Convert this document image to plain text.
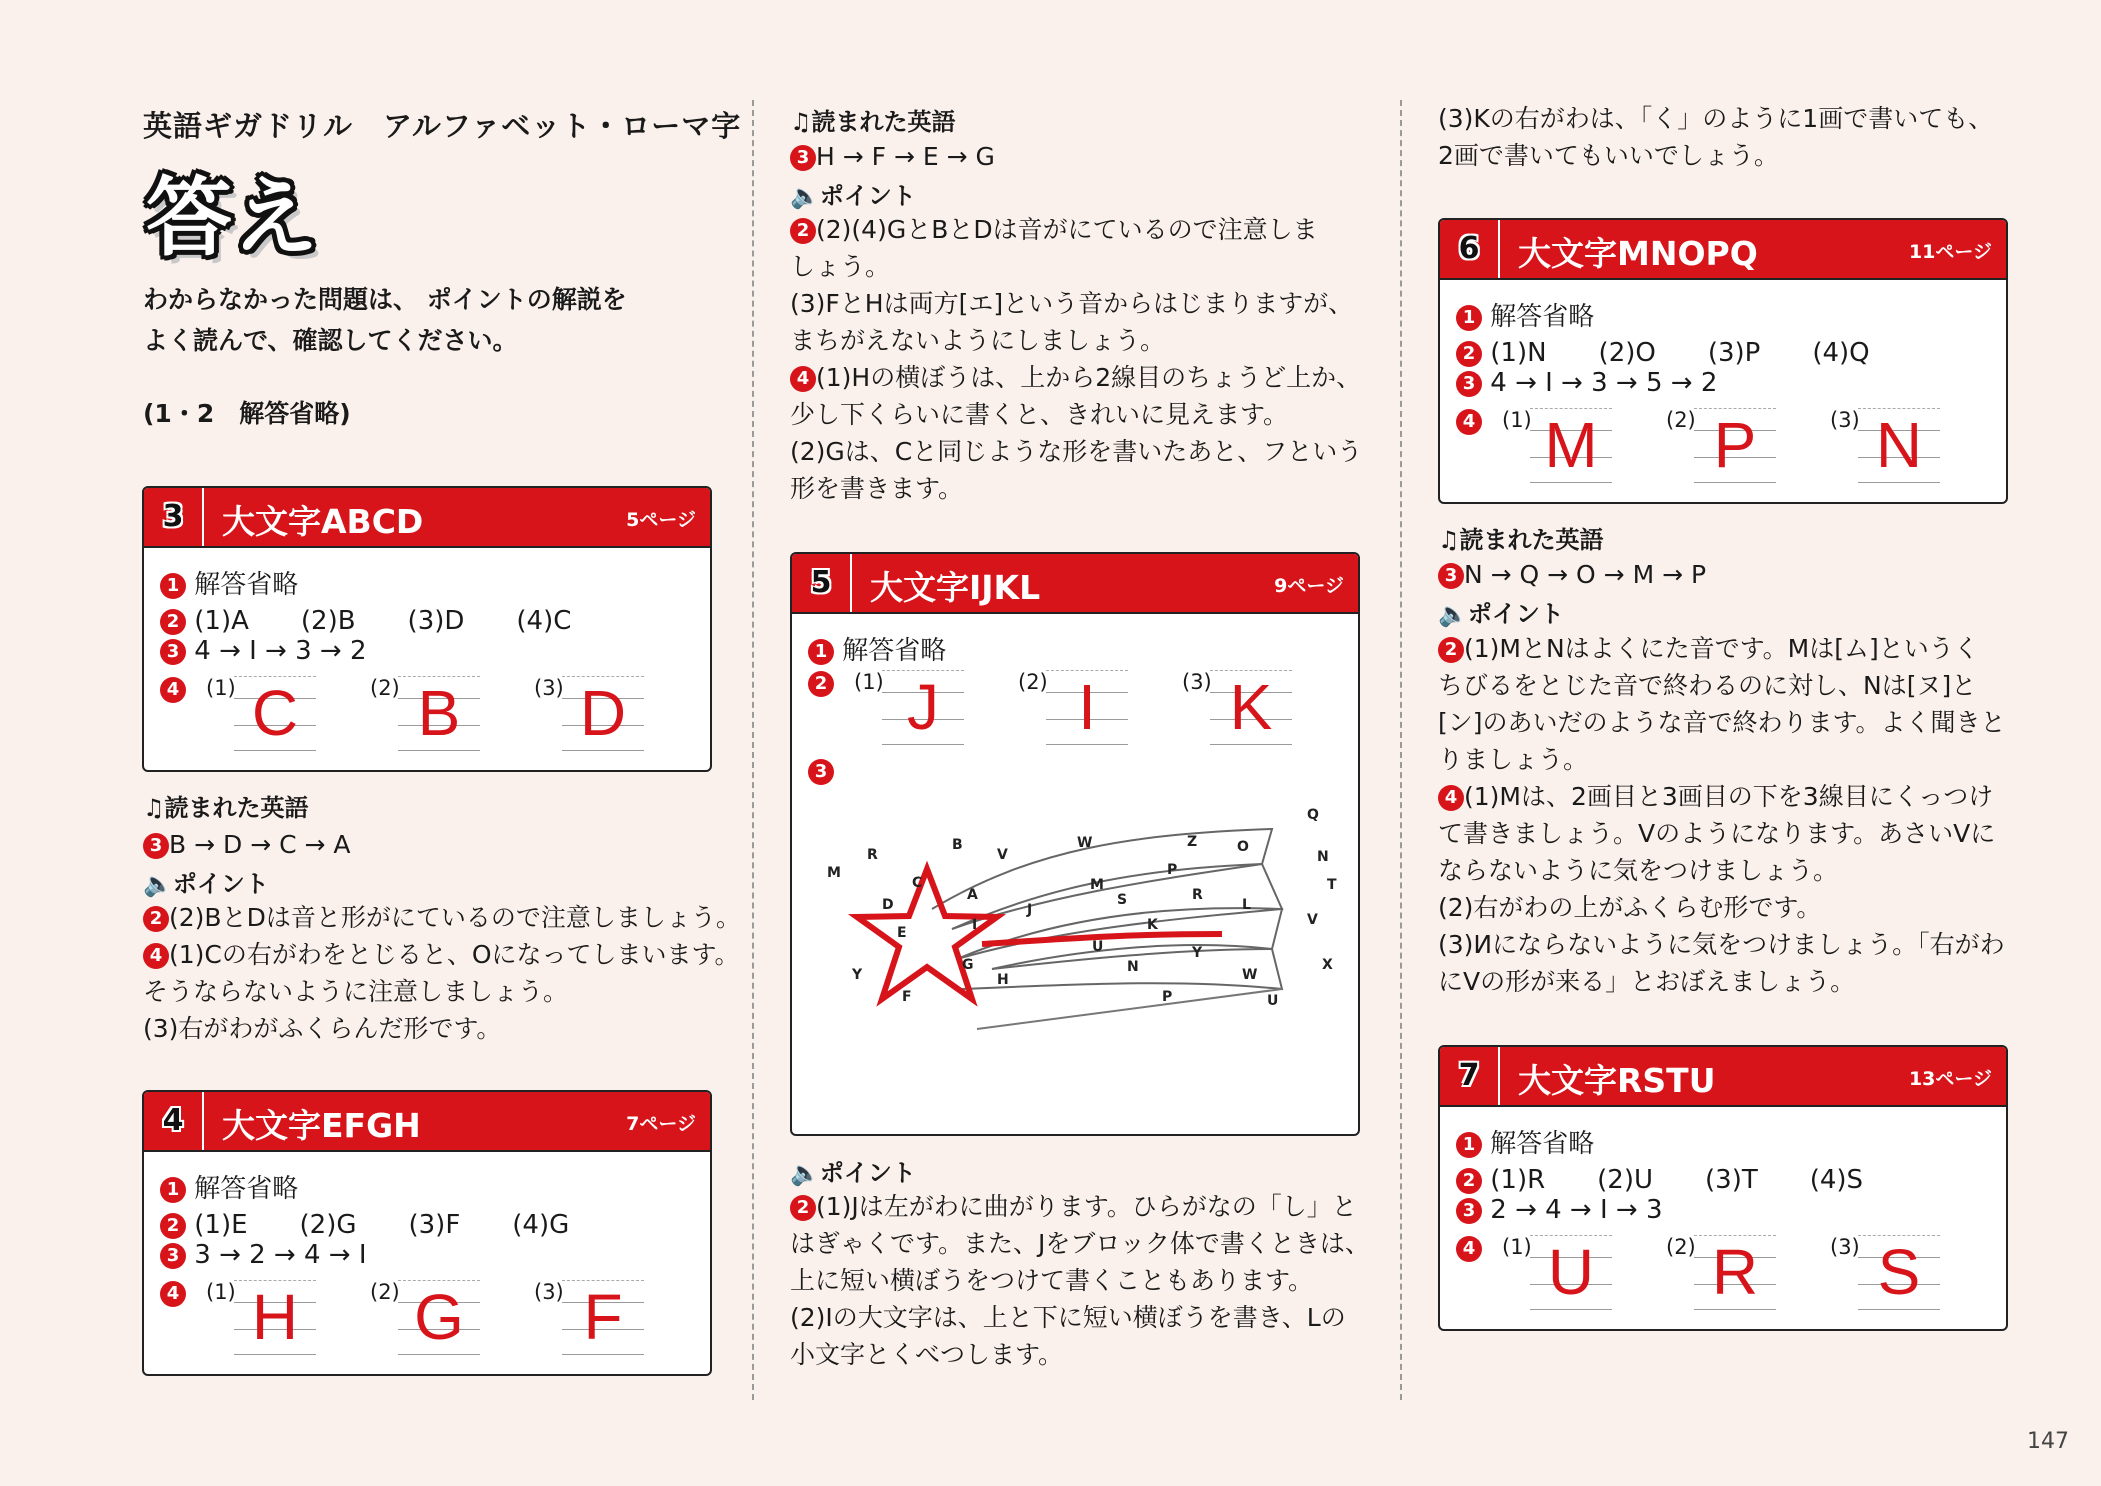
英語ギガドリル　アルファベット・ローマ字
答え
わからなかった問題は、 ポイントの解説を
よく読んで、確認してください。
(1・2　解答省略)
3	大文字ABCD	5ページ
1 解答省略
2 (1)A　　(2)B　　(3)D　　(4)C
3 4 → I → 3 → 2
4	(1) C	(2) B	(3) D
♫読まれた英語
3 B → D → C → A
🔈ポイント
2 (2)BとDは音と形がにているので注意しましょう。
4 (1)Cの右がわをとじると、Oになってしまいます。
そうならないように注意しましょう。
(3)右がわがふくらんだ形です。
4	大文字EFGH	7ページ
1 解答省略
2 (1)E　　(2)G　　(3)F　　(4)G
3 3 → 2 → 4 → I
4	(1) H	(2) G	(3) F
♫読まれた英語
3 H → F → E → G
🔈ポイント
2 (2)(4)GとBとDは音がにているので注意しま
しょう。
(3)FとHは両方[エ]という音からはじまりますが、
まちがえないようにしましょう。
4 (1)Hの横ぼうは、上から2線目のちょうど上か、
少し下くらいに書くと、きれいに見えます。
(2)Gは、Cと同じような形を書いたあと、フという
形を書きます。
5	大文字IJKL	9ページ
1 解答省略
2	(1) J	(2) I	(3) K
3
Q
B
V
W	Z	O
N
R
M	P
T
C
A
M
S	R
L
D	J
K	V
I
E
U	Y
X
G	N
Y	H	W
F	P	U
🔈ポイント
2 (1)Jは左がわに曲がります。ひらがなの「し」と
はぎゃくです。また、Jをブロック体で書くときは、
上に短い横ぼうをつけて書くこともあります。
(2)Iの大文字は、上と下に短い横ぼうを書き、Lの
小文字とくべつします。
(3)Kの右がわは、「く」のように1画で書いても、
2画で書いてもいいでしょう。
6	大文字MNOPQ	11ページ
1 解答省略
2 (1)N　　(2)O　　(3)P　　(4)Q
3 4 → I → 3 → 5 → 2
4	(1) M	(2) P	(3) N
♫読まれた英語
3 N → Q → O → M → P
🔈ポイント
2 (1)MとNはよくにた音です。Mは[ム]というく
ちびるをとじた音で終わるのに対し、Nは[ヌ]と
[ン]のあいだのような音で終わります。よく聞きと
りましょう。
4 (1)Mは、2画目と3画目の下を3線目にくっつけ
て書きましょう。Vのようになります。あさいVに
ならないように気をつけましょう。
(2)右がわの上がふくらむ形です。
(3)Иにならないように気をつけましょう。「右がわ
にVの形が来る」とおぼえましょう。
7	大文字RSTU	13ページ
1 解答省略
2 (1)R　　(2)U　　(3)T　　(4)S
3 2 → 4 → I → 3
4	(1) U	(2) R	(3) S
147
